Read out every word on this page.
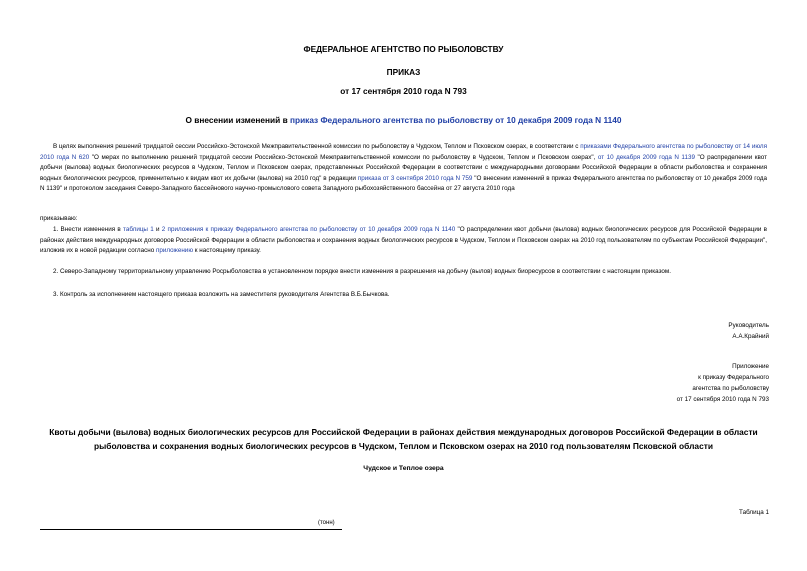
ФЕДЕРАЛЬНОЕ АГЕНТСТВО ПО РЫБОЛОВСТВУ
ПРИКАЗ
от 17 сентября 2010 года N 793
О внесении изменений в приказ Федерального агентства по рыболовству от 10 декабря 2009 года N 1140
В целях выполнения решений тридцатой сессии Российско-Эстонской Межправительственной комиссии по рыболовству в Чудском, Теплом и Псковском озерах, в соответствии с приказами Федерального агентства по рыболовству от 14 июля 2010 года N 620 "О мерах по выполнению решений тридцатой сессии Российско-Эстонской Межправительственной комиссии по рыболовству в Чудском, Теплом и Псковском озерах", от 10 декабря 2009 года N 1139 "О распределении квот добычи (вылова) водных биологических ресурсов в Чудском, Теплом и Псковском озерах, представленных Российской Федерации в соответствии с международными договорами Российской Федерации в области рыболовства и сохранения водных биологических ресурсов, применительно к видам квот их добычи (вылова) на 2010 год" в редакции приказа от 3 сентября 2010 года N 759 "О внесении изменений в приказ Федерального агентства по рыболовству от 10 декабря 2009 года N 1139" и протоколом заседания Северо-Западного бассейнового научно-промыслового совета Западного рыбохозяйственного бассейна от 27 августа 2010 года
приказываю:
1. Внести изменения в таблицы 1 и 2 приложения к приказу Федерального агентства по рыболовству от 10 декабря 2009 года N 1140 "О распределении квот добычи (вылова) водных биологических ресурсов для Российской Федерации в районах действия международных договоров Российской Федерации в области рыболовства и сохранения водных биологических ресурсов в Чудском, Теплом и Псковском озерах на 2010 год пользователям по субъектам Российской Федерации", изложив их в новой редакции согласно приложению к настоящему приказу.
2. Северо-Западному территориальному управлению Росрыболовства в установленном порядке внести изменения в разрешения на добычу (вылов) водных биоресурсов в соответствии с настоящим приказом.
3. Контроль за исполнением настоящего приказа возложить на заместителя руководителя Агентства В.Б.Бычкова.
Руководитель
А.А.Крайний
Приложение
к приказу Федерального
агентства по рыболовству
от 17 сентября 2010 года N 793
Квоты добычи (вылова) водных биологических ресурсов для Российской Федерации в районах действия международных договоров Российской Федерации в области рыболовства и сохранения водных биологических ресурсов в Чудском, Теплом и Псковском озерах на 2010 год пользователям Псковской области
Чудское и Теплое озера
Таблица 1
(тонн)
